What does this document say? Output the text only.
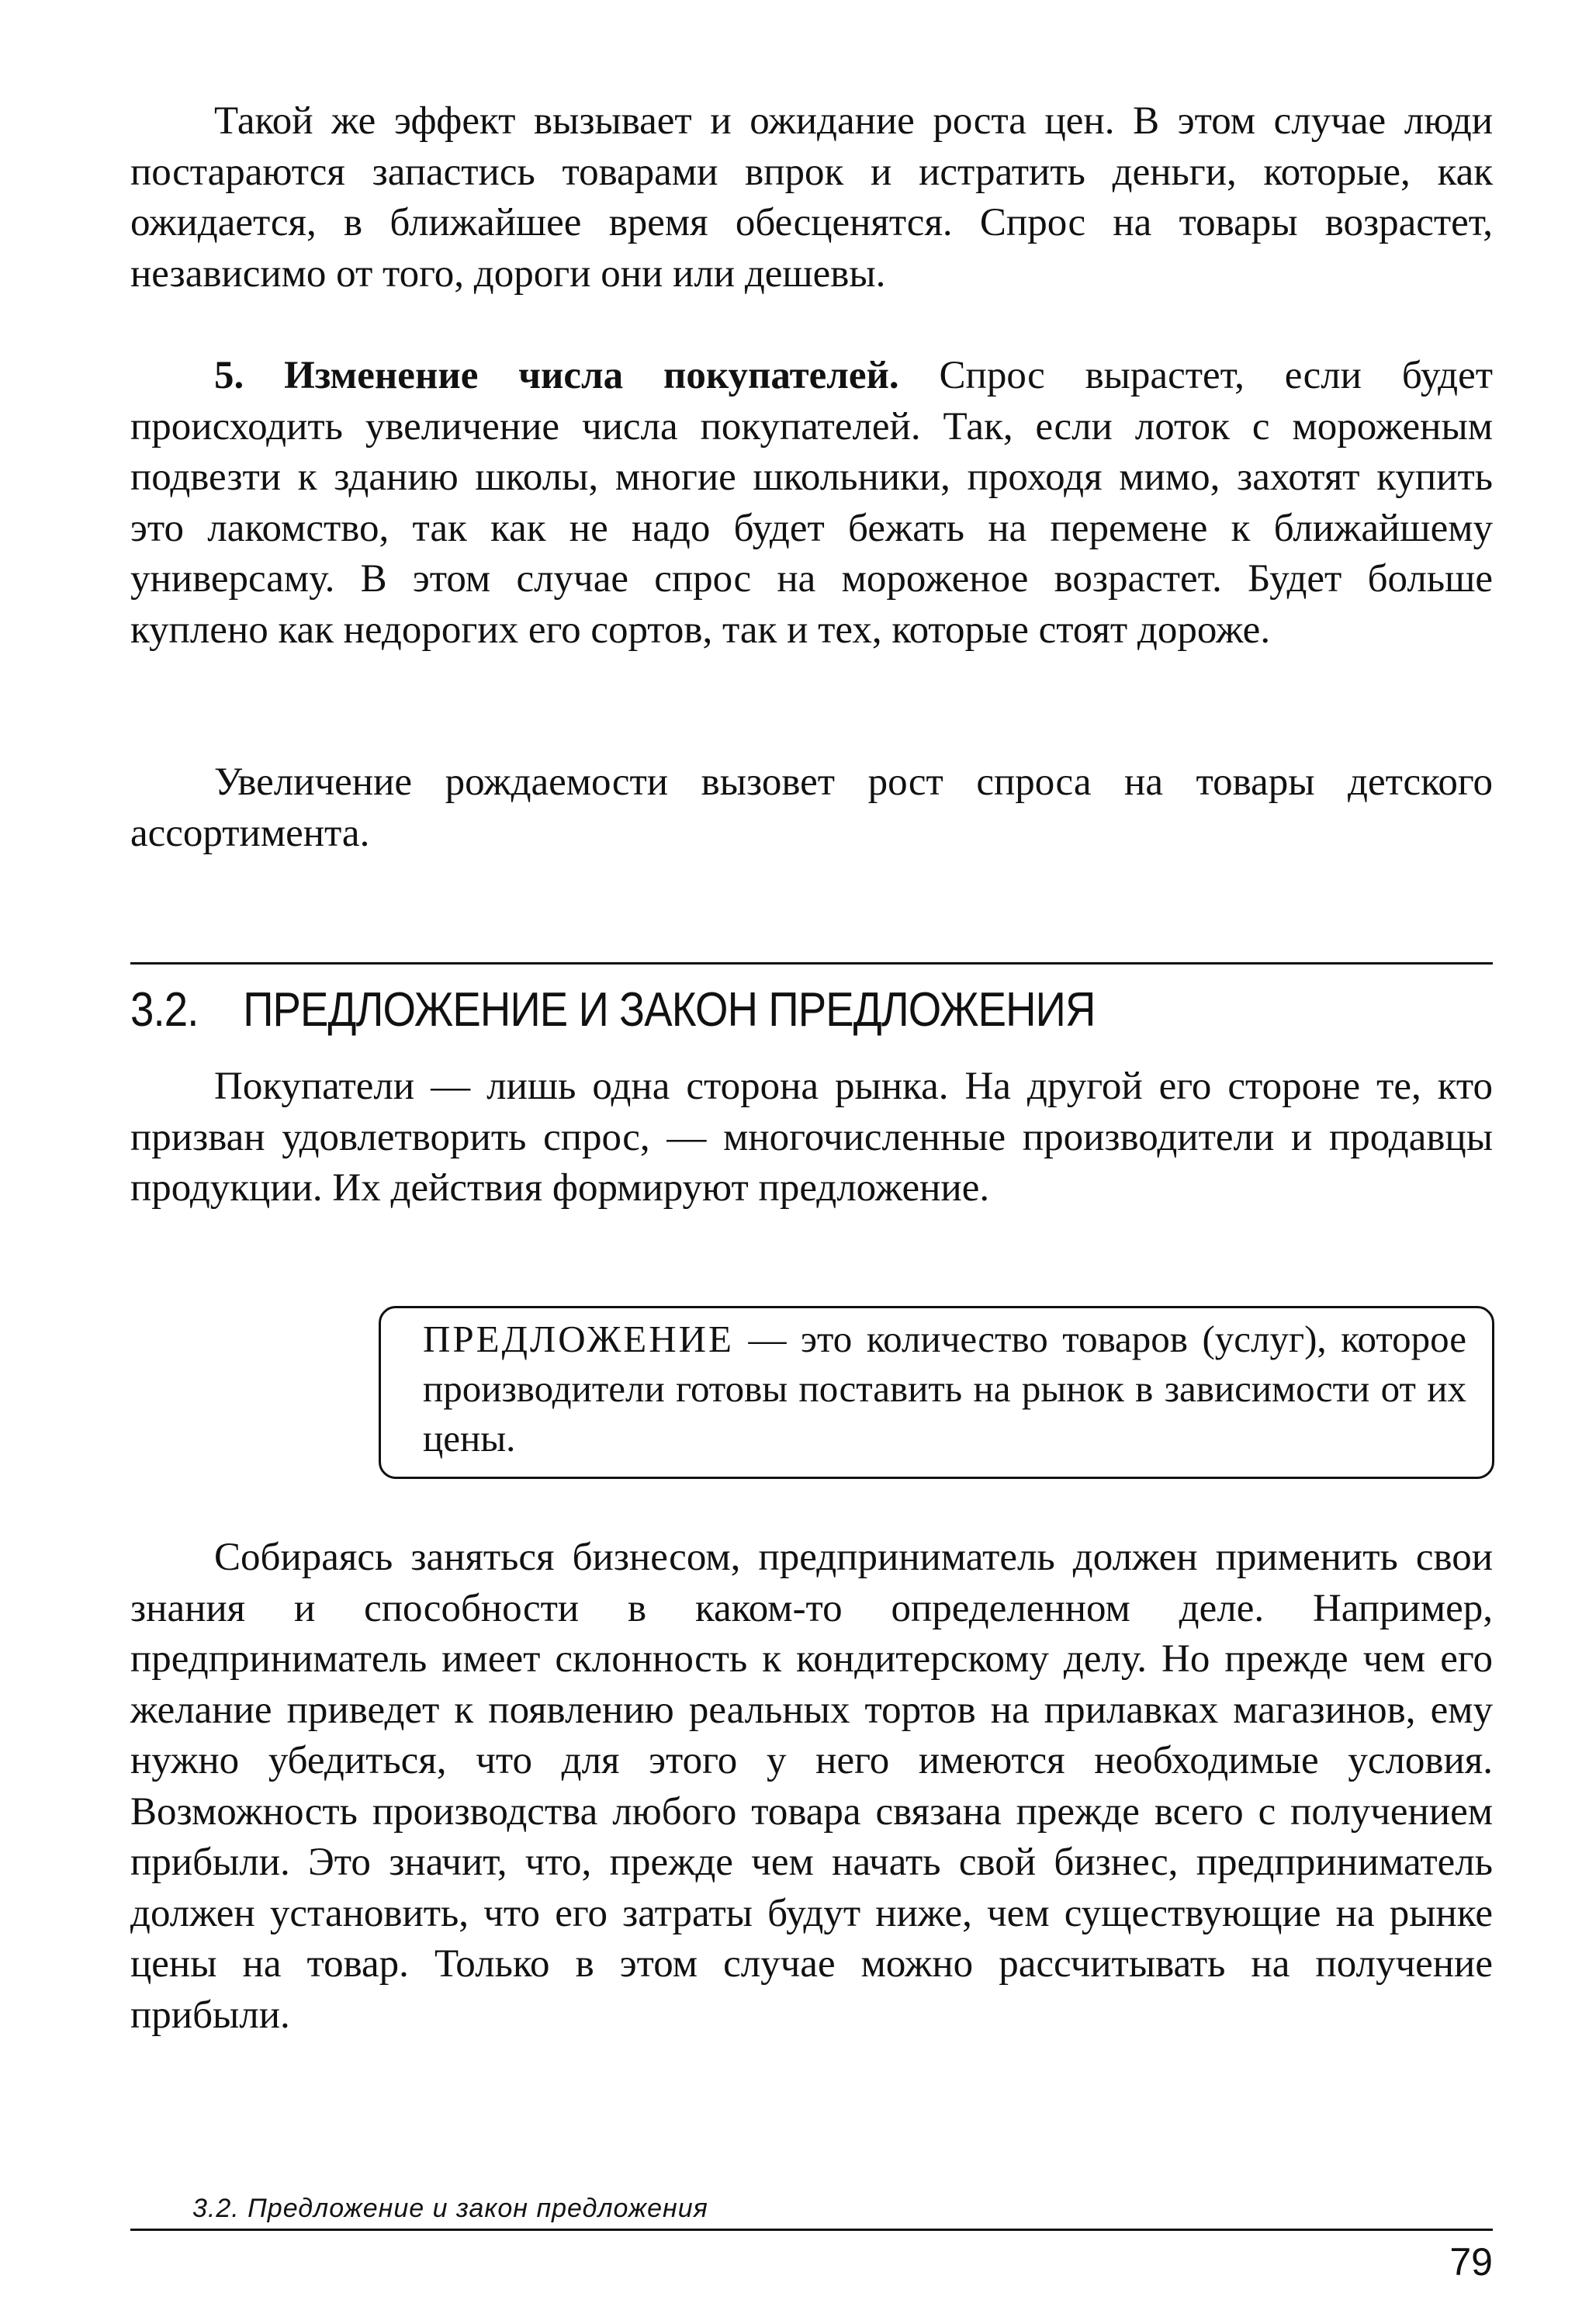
Такой же эффект вызывает и ожидание роста цен. В этом случае люди постараются запастись товарами впрок и истратить деньги, которые, как ожидается, в ближайшее время обесценятся. Спрос на товары возрастет, независимо от того, дороги они или дешевы.

5. Изменение числа покупателей. Спрос вырастет, если будет происходить увеличение числа покупателей. Так, если лоток с мороженым подвезти к зданию школы, многие школьники, проходя мимо, захотят купить это лакомство, так как не надо будет бежать на перемене к ближайшему универсаму. В этом случае спрос на мороженое возрастет. Будет больше куплено как недорогих его сортов, так и тех, которые стоят дороже.

Увеличение рождаемости вызовет рост спроса на товары детского ассортимента.

3.2. ПРЕДЛОЖЕНИЕ И ЗАКОН ПРЕДЛОЖЕНИЯ

Покупатели — лишь одна сторона рынка. На другой его стороне те, кто призван удовлетворить спрос, — многочисленные производители и продавцы продукции. Их действия формируют предложение.

ПРЕДЛОЖЕНИЕ — это количество товаров (услуг), которое производители готовы поставить на рынок в зависимости от их цены.

Собираясь заняться бизнесом, предприниматель должен применить свои знания и способности в каком-то определенном деле. Например, предприниматель имеет склонность к кондитерскому делу. Но прежде чем его желание приведет к появлению реальных тортов на прилавках магазинов, ему нужно убедиться, что для этого у него имеются необходимые условия. Возможность производства любого товара связана прежде всего с получением прибыли. Это значит, что, прежде чем начать свой бизнес, предприниматель должен установить, что его затраты будут ниже, чем существующие на рынке цены на товар. Только в этом случае можно рассчитывать на получение прибыли.

3.2. Предложение и закон предложения
79
